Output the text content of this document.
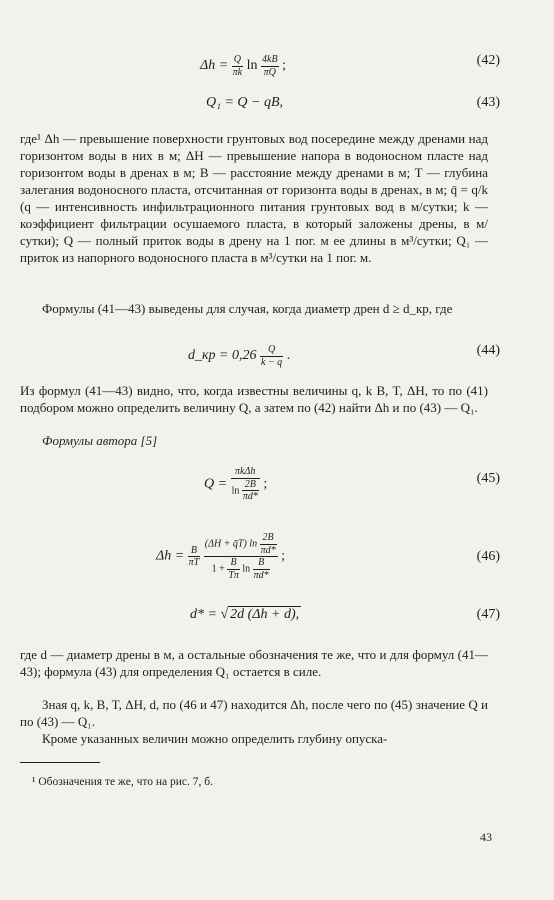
$\Delta h = \frac{Q}{\pi k}$ $\ln \frac{4kB}{\pi Q}$ ;	(42)
Q₁ = Q − qB,	(43)

где¹ Δh — превышение поверхности грунтовых вод посередине между дренами над горизонтом воды в них в м; ΔH — превышение напора в водоносном пласте над горизонтом воды в дренах в м; B — расстояние между дренами в м; T — глубина залегания водоносного пласта, отсчитанная от горизонта воды в дренах, в м; q̄ = q/k (q — интенсивность инфильтрационного питания грунтовых вод в м/сутки; k — коэффициент фильтрации осушаемого пласта, в который заложены дрены, в м/сутки); Q — полный приток воды в дрену на 1 пог. м ее длины в м³/сутки; Q₁ — приток из напорного водоносного пласта в м³/сутки на 1 пог. м.

Формулы (41—43) выведены для случая, когда диаметр дрен d ≥ d_кр, где

d_кр = $0,26 \frac{Q}{k - q}$ .	(44)

Из формул (41—43) видно, что, когда известны величины q, k B, T, ΔH, то по (41) подбором можно определить величину Q, а затем по (42) найти Δh и по (43) — Q₁.

Формулы автора [5]

$Q = \frac{\text{πkΔh}}{\ln \frac{2B}{\pi d*}}$ ;	(45)
$\Delta h = \frac{B}{\pi T}$
$\frac{(\Delta H + q̄T) \ln \frac{2B}{\pi d*}}{1 + \frac{B}{T\pi} \ln \frac{B}{\pi d*}}$ ;	(46)
d* = √ 2d (Δh + d),	(47)

где d — диаметр дрены в м, а остальные обозначения те же, что и для формул (41—43); формула (43) для определения Q₁ остается в силе.

Зная q, k, B, T, ΔH, d, по (46 и 47) находится Δh, после чего по (45) значение Q и по (43) — Q₁.

Кроме указанных величин можно определить глубину опуска-

¹ Обозначения те же, что на рис. 7, б.
43
